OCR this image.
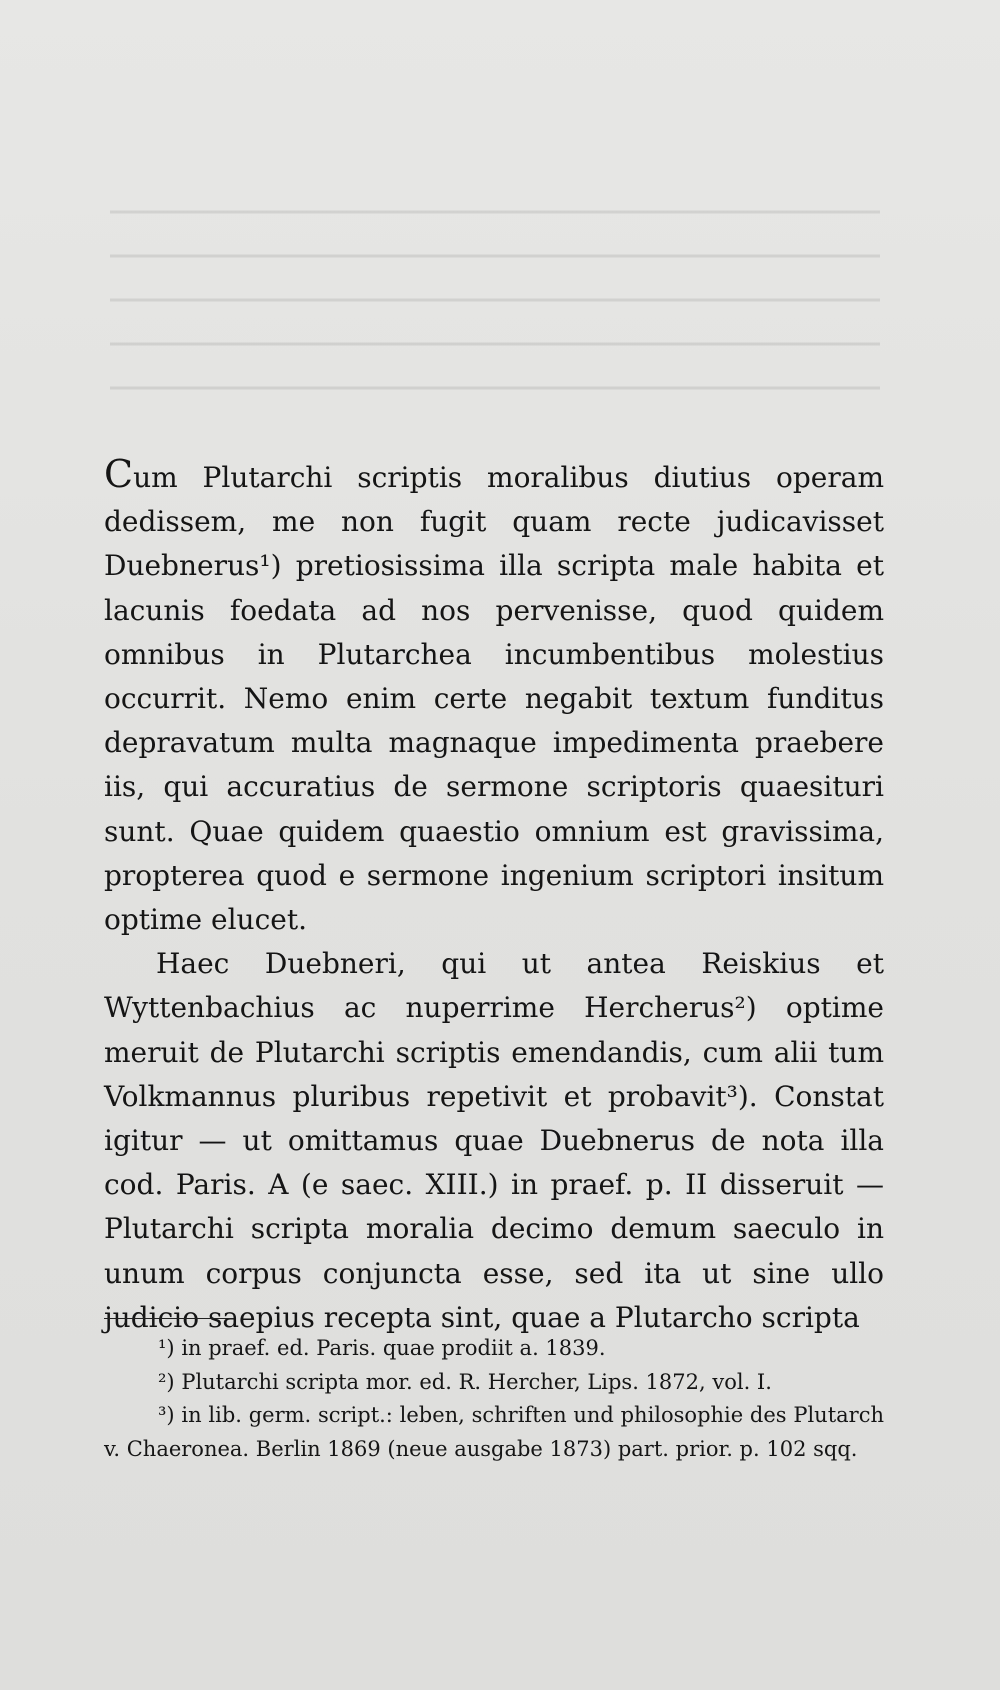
Cum Plutarchi scriptis moralibus diutius operam dedissem, me non fugit quam recte judicavisset Duebnerus¹) pretiosissima illa scripta male habita et lacunis foedata ad nos pervenisse, quod quidem omnibus in Plutarchea incumbentibus molestius occurrit. Nemo enim certe negabit textum funditus depravatum multa magnaque impedimenta praebere iis, qui accuratius de sermone scriptoris quaesituri sunt. Quae quidem quaestio omnium est gravissima, propterea quod e sermone ingenium scriptori insitum optime elucet.

Haec Duebneri, qui ut antea Reiskius et Wyttenbachius ac nuperrime Hercherus²) optime meruit de Plutarchi scriptis emendandis, cum alii tum Volkmannus pluribus repetivit et probavit³). Constat igitur — ut omittamus quae Duebnerus de nota illa cod. Paris. A (e saec. XIII.) in praef. p. II disseruit — Plutarchi scripta moralia decimo demum saeculo in unum corpus conjuncta esse, sed ita ut sine ullo judicio saepius recepta sint, quae a Plutarcho scripta

¹) in praef. ed. Paris. quae prodiit a. 1839.

²) Plutarchi scripta mor. ed. R. Hercher, Lips. 1872, vol. I.

³) in lib. germ. script.: leben, schriften und philosophie des Plutarch v. Chaeronea. Berlin 1869 (neue ausgabe 1873) part. prior. p. 102 sqq.
